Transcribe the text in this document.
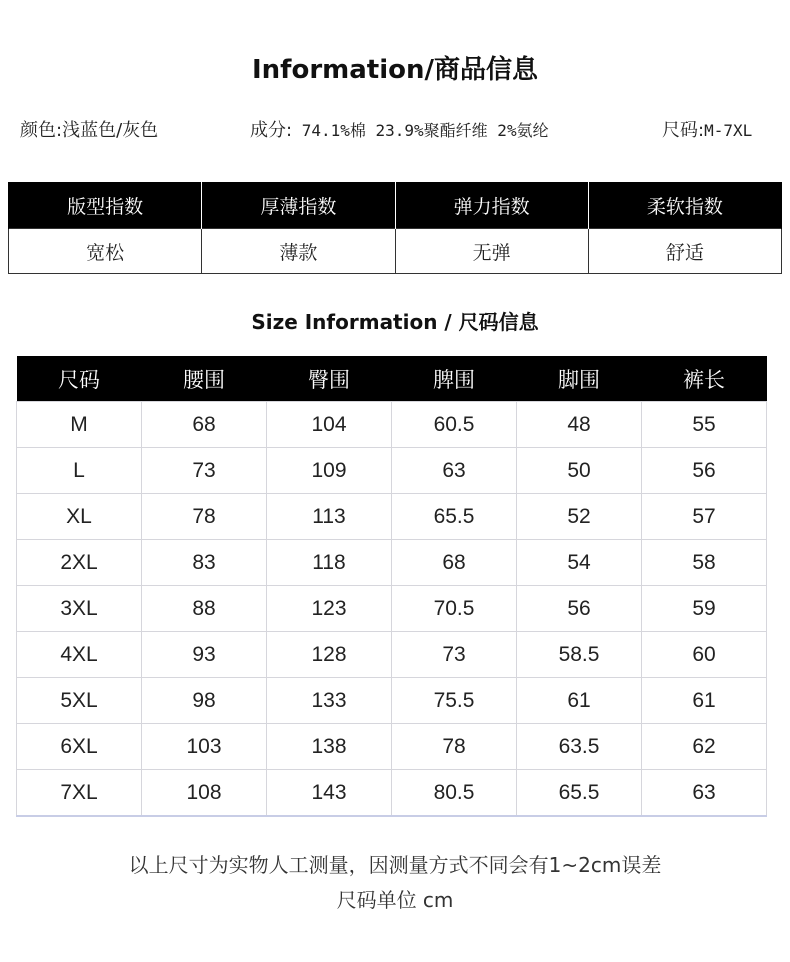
Information/商品信息
颜色:浅蓝色/灰色	成分: 74.1%棉 23.9%聚酯纤维 2%氨纶	尺码:M-7XL
版型指数	厚薄指数	弹力指数	柔软指数
宽松	薄款	无弹	舒适
Size Information / 尺码信息
尺码	腰围	臀围	脾围	脚围	裤长
M	68	104	60.5	48	55
L	73	109	63	50	56
XL	78	113	65.5	52	57
2XL	83	118	68	54	58
3XL	88	123	70.5	56	59
4XL	93	128	73	58.5	60
5XL	98	133	75.5	61	61
6XL	103	138	78	63.5	62
7XL	108	143	80.5	65.5	63
以上尺寸为实物人工测量，因测量方式不同会有1~2cm误差
尺码单位 cm
